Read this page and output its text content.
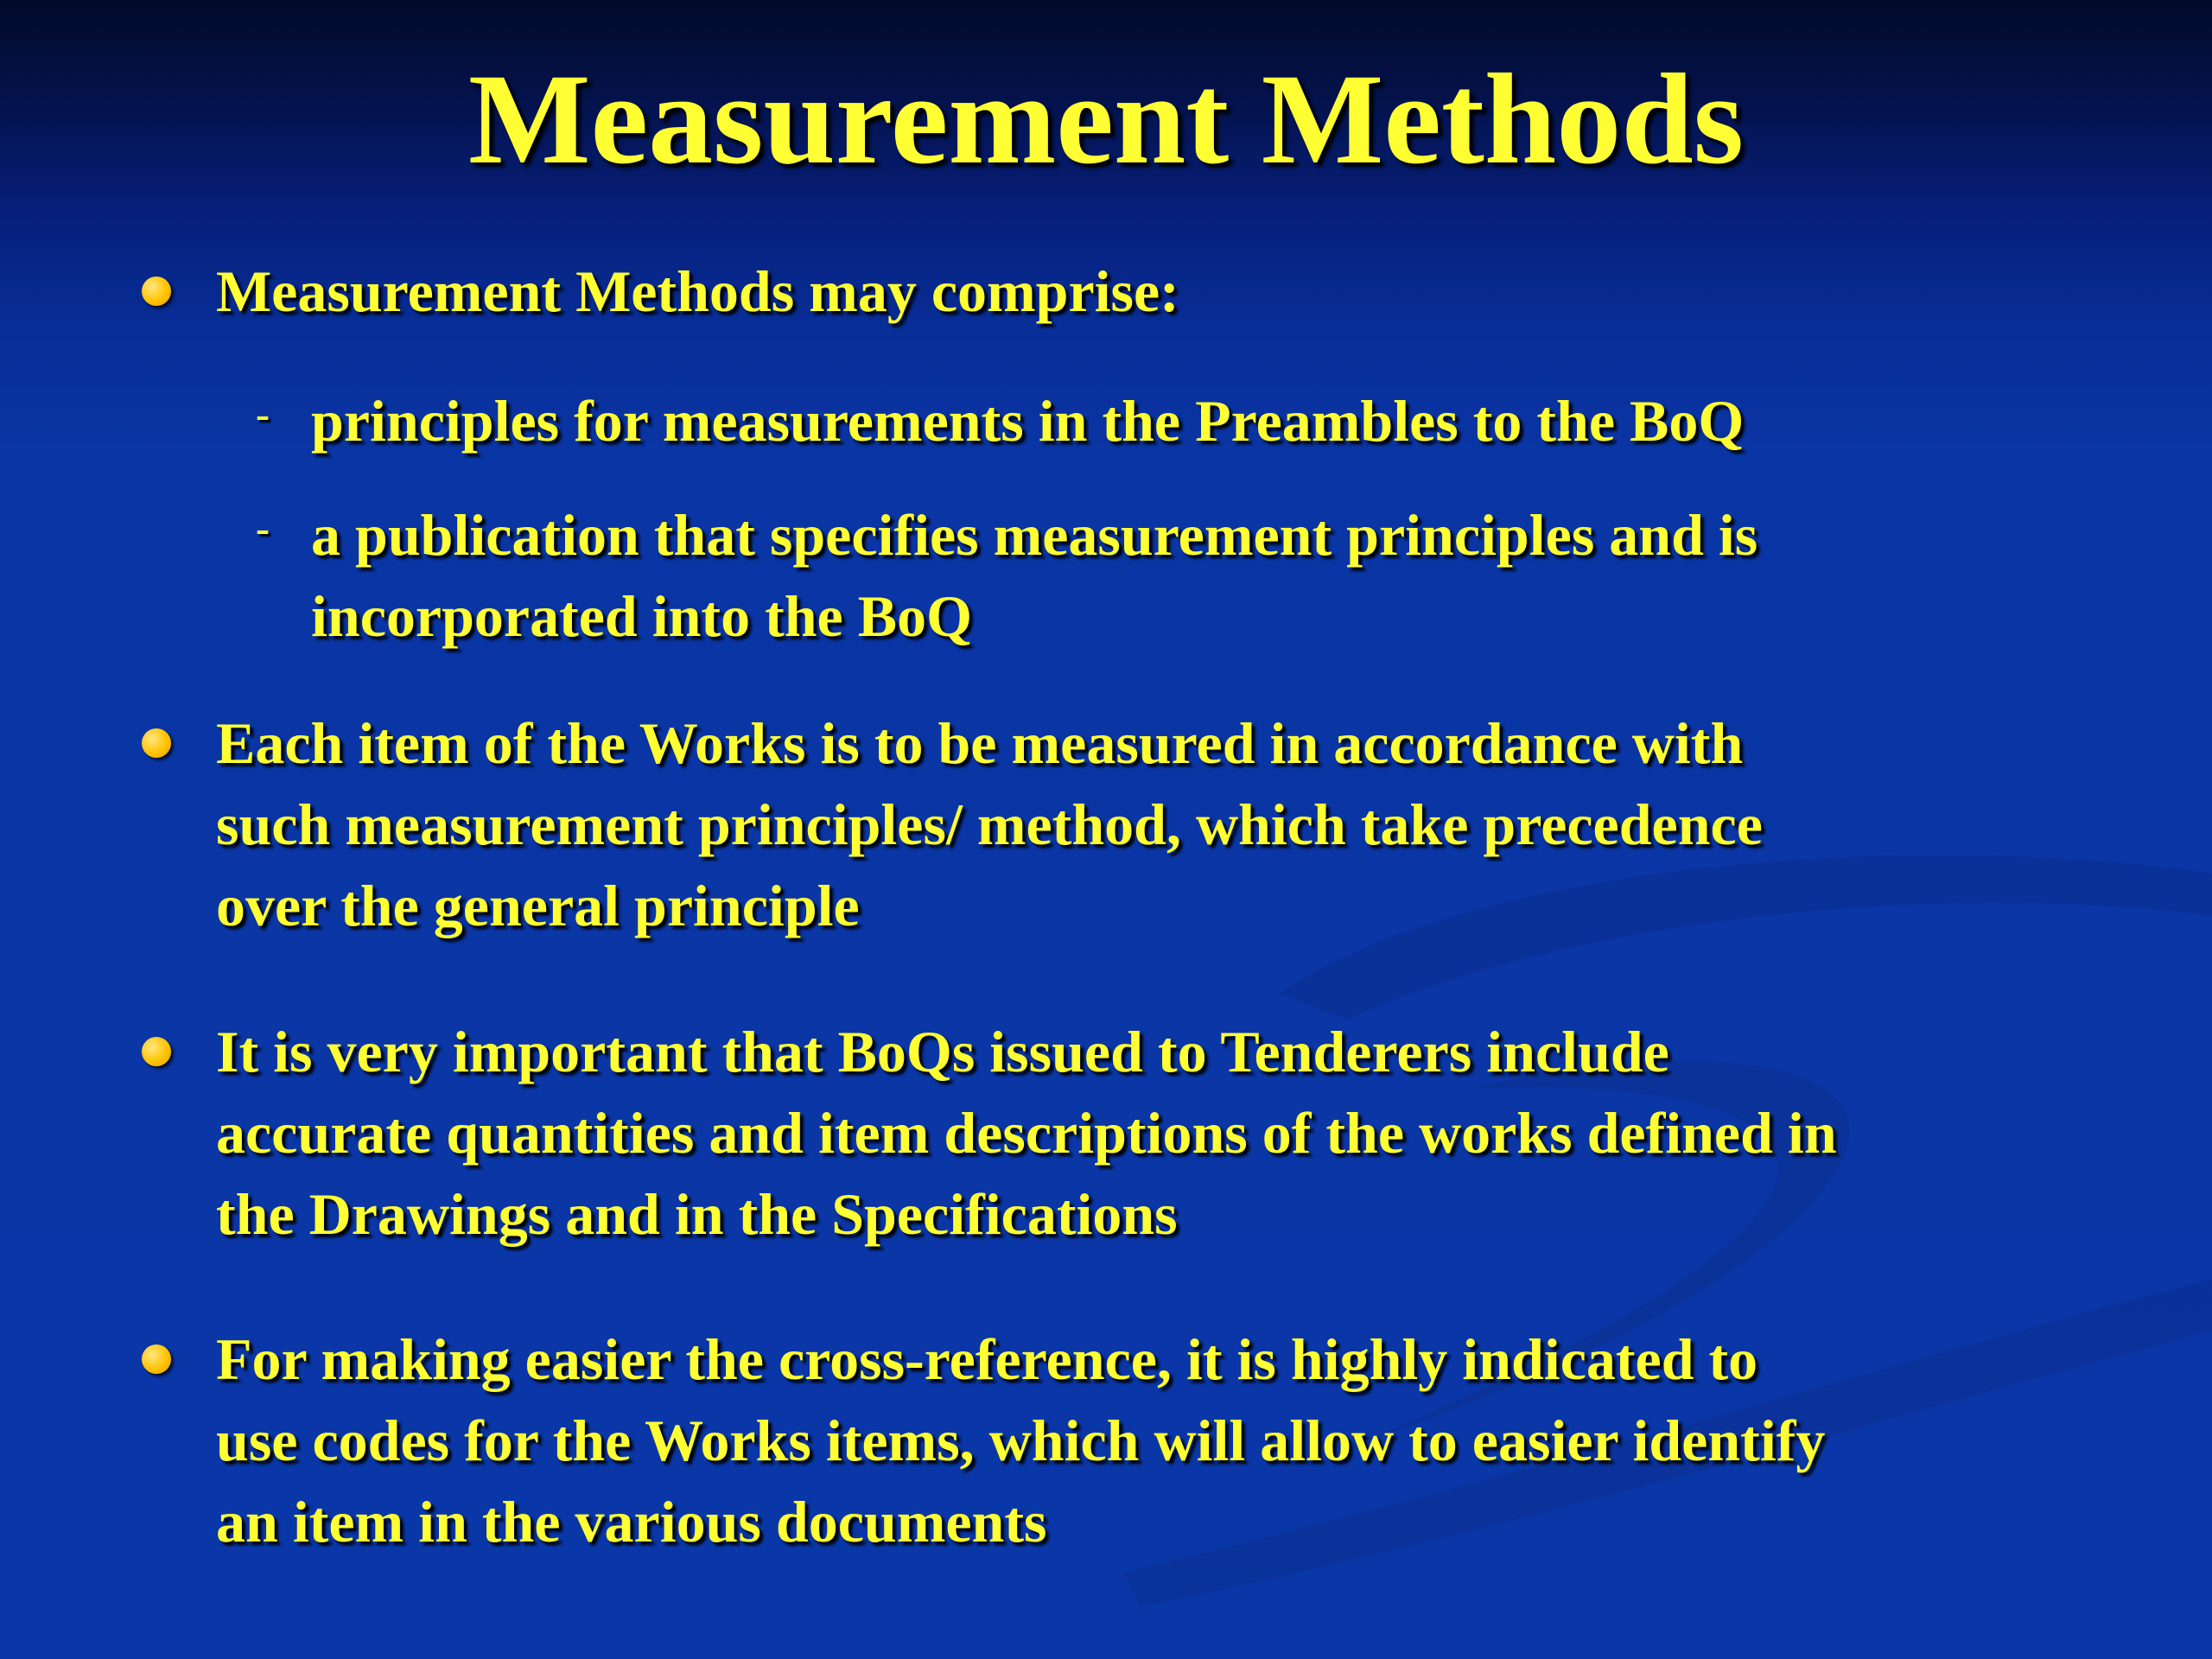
Measurement Methods
Measurement Methods may comprise:
- principles for measurements in the Preambles to the BoQ
- a publication that specifies measurement principles and is
incorporated into the BoQ
Each item of the Works is to be measured in accordance with
such measurement principles/ method, which take precedence
over the general principle
It is very important that BoQs issued to Tenderers include
accurate quantities and item descriptions of the works defined in
the Drawings and in the Specifications
For making easier the cross-reference, it is highly indicated to
use codes for the Works items, which will allow to easier identify
an item in the various documents
